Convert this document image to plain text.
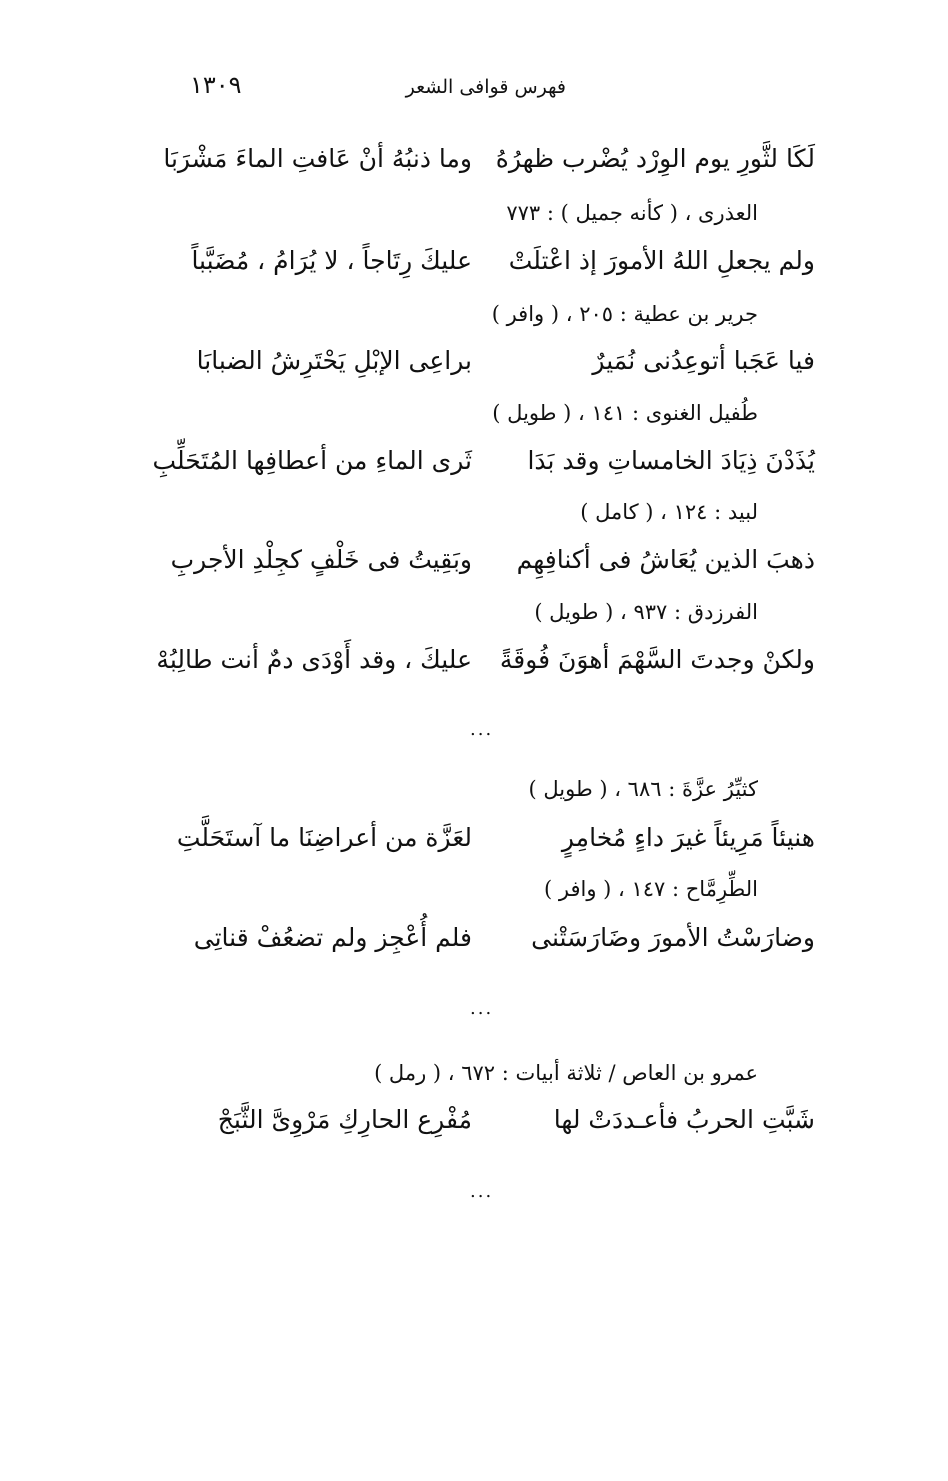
١٣٠٩	فهرس قوافى الشعر
لَكَا لثَّورِ يوم الوِرْد يُضْرب ظهرُهُ
وما ذنبُهُ أنْ عَافتِ الماءَ مَشْرَبَا
العذرى ، ( كأنه جميل ) : ٧٧٣
ولم يجعلِ اللهُ الأمورَ إذ اعْتلَتْ
عليكَ رِتَاجاً ، لا يُرَامُ ، مُضَبَّباً
جرير بن عطية : ٢٠٥ ، ( وافر )
فيا عَجَبا أتوعِدُنى نُمَيرٌ
براعِى الإبْلِ يَحْتَرِشُ الضبابَا
طُفيل الغنوى : ١٤١ ، ( طويل )
يُذَدْنَ ذِيَادَ الخامساتِ وقد بَدَا
ثَرى الماءِ من أعطافِها المُتَحَلِّبِ
لبيد : ١٢٤ ، ( كامل )
ذهبَ الذين يُعَاشُ فى أكنافِهِم
وبَقِيتُ فى خَلْفٍ كجِلْدِ الأجربِ
الفرزدق : ٩٣٧ ، ( طويل )
ولكنْ وجدتَ السَّهْمَ أهوَنَ فُوقَةً
عليكَ ، وقد أَوْدَى دمٌ أنت طالِبُهْ
...
كثيِّرُ عزَّةَ : ٦٨٦ ، ( طويل )
هنيئاً مَرِيئاً غيرَ داءٍ مُخامِرٍ
لعَزَّة من أعراضِنَا ما آستَحَلَّتِ
الطِّرِمَّاح : ١٤٧ ، ( وافر )
وضارَسْتُ الأمورَ وضَارَسَتْنى
فلم أُعْجِز ولم تضعُفْ قناتِى
...
عمرو بن العاص / ثلاثة أبيات : ٦٧٢ ، ( رمل )
شَبَّتِ الحربُ فأعـددَتْ لها
مُفْرِع الحارِكِ مَرْوِىَّ الثَّبَجْ
...
